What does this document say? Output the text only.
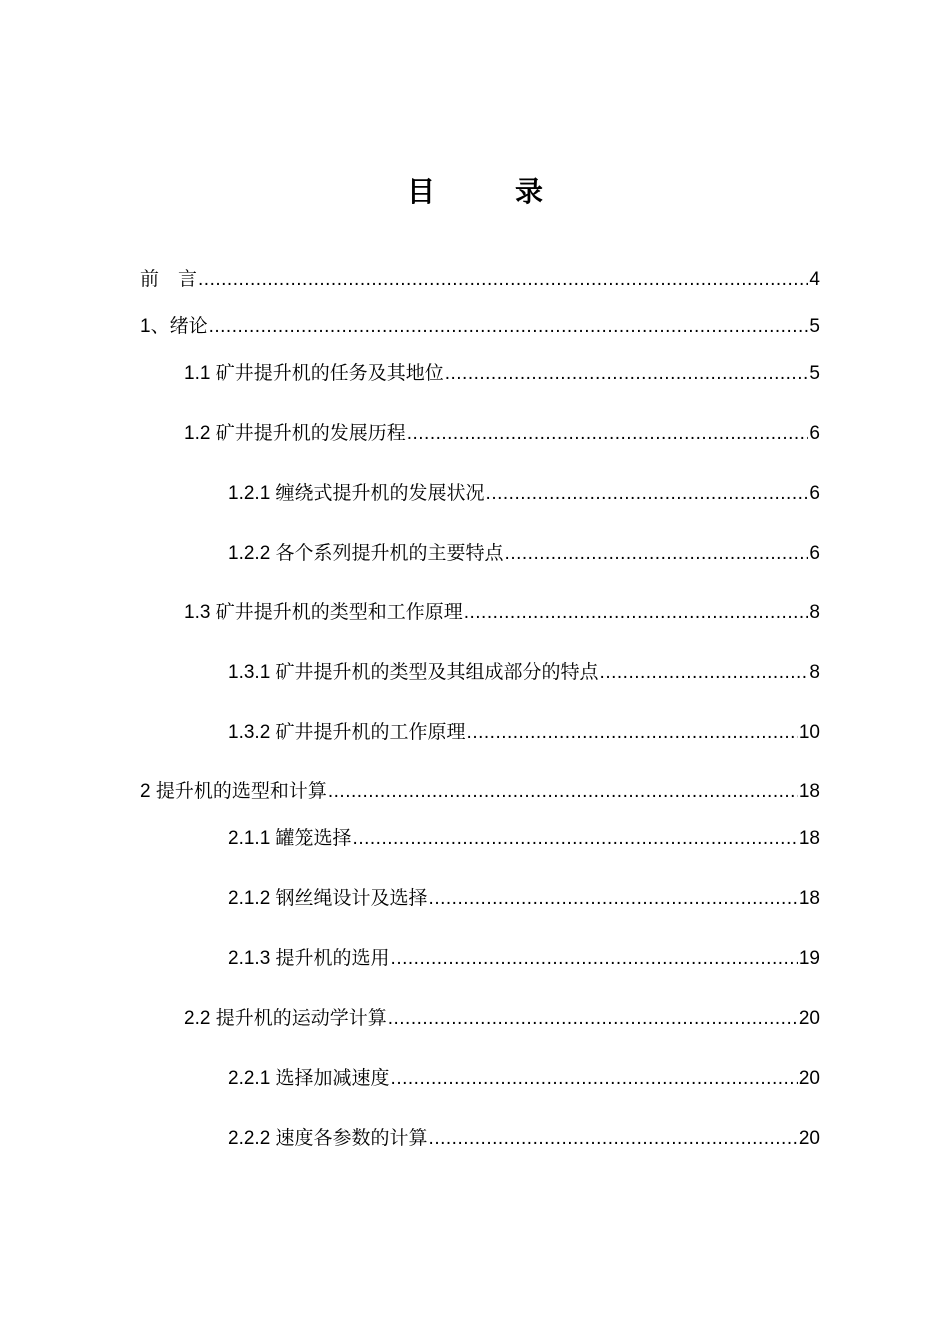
目　录
前　言 .....	4
1、绪论 .....	5
1.1 矿井提升机的任务及其地位 .....	5
1.2 矿井提升机的发展历程 .....	6
1.2.1 缠绕式提升机的发展状况 .....	6
1.2.2 各个系列提升机的主要特点 .....	6
1.3 矿井提升机的类型和工作原理 .....	8
1.3.1 矿井提升机的类型及其组成部分的特点 .....	8
1.3.2 矿井提升机的工作原理 .....	10
2 提升机的选型和计算 .....	18
2.1.1 罐笼选择 .....	18
2.1.2 钢丝绳设计及选择 .....	18
2.1.3 提升机的选用 .....	19
2.2 提升机的运动学计算 .....	20
2.2.1 选择加减速度 .....	20
2.2.2 速度各参数的计算 .....	20
